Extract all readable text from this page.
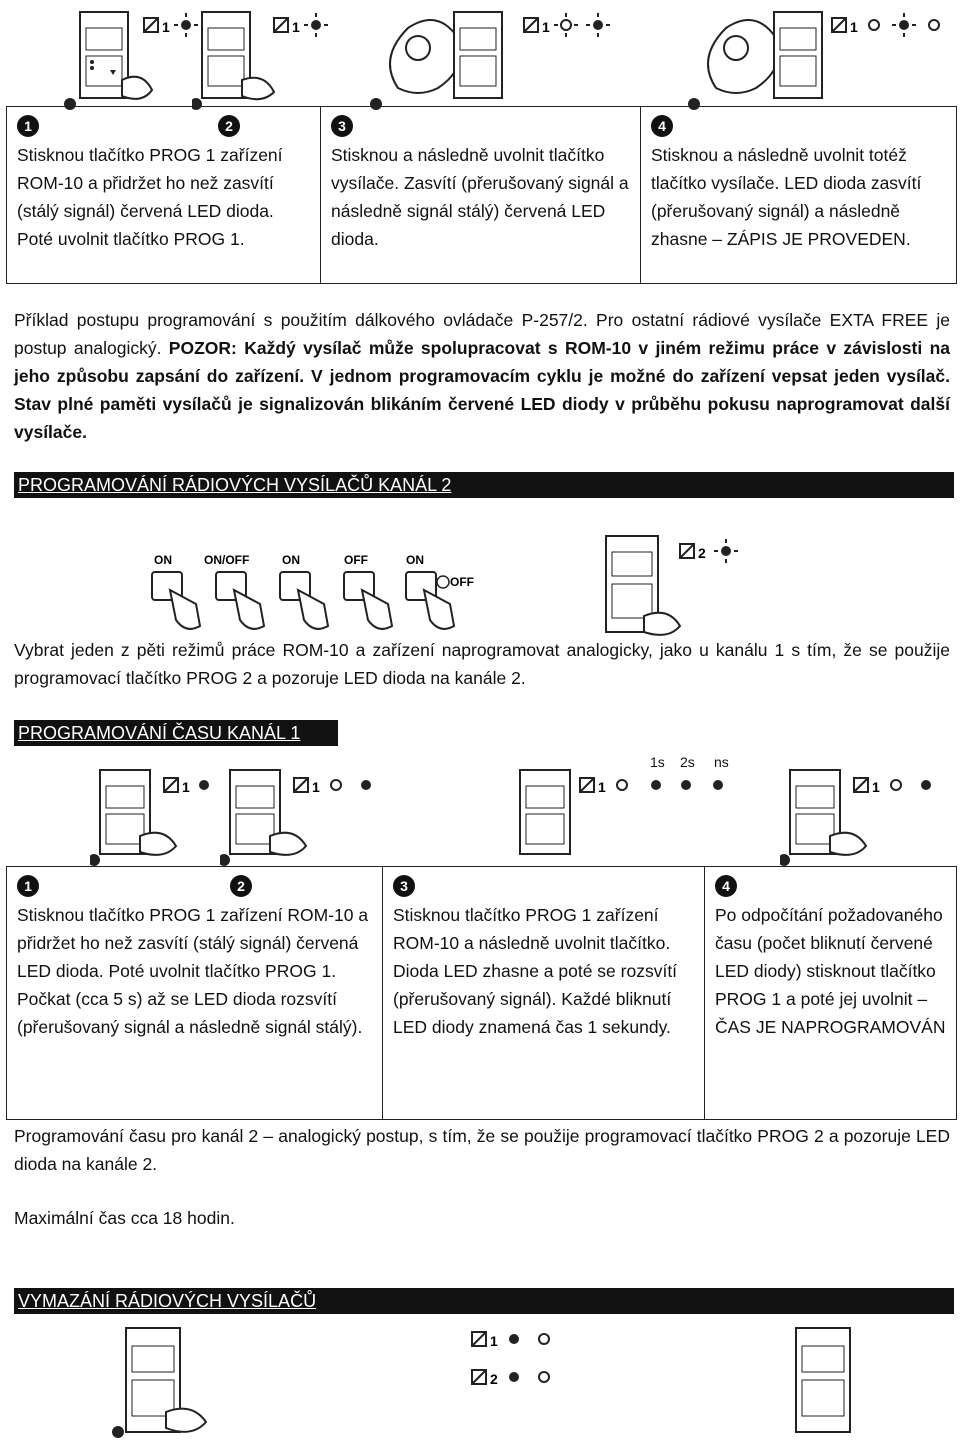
1	1	1	1
1	2
Stisknou tlačítko PROG 1 zařízení ROM-10 a přidržet ho než zasvítí (stálý signál) červená LED dioda. Poté uvolnit tlačítko PROG 1.

3
Stisknou a následně uvolnit tlačítko vysílače. Zasvítí (přerušovaný signál a následně signál stálý) červená LED dioda.

4
Stisknou a následně uvolnit totéž tlačítko vysílače. LED dioda zasvítí (přerušovaný signál) a následně zhasne – ZÁPIS JE PROVEDEN.
Příklad postupu programování s použitím dálkového ovládače P-257/2. Pro ostatní rádiové vysílače EXTA FREE je postup analogický. POZOR: Každý vysílač může spolupracovat s ROM-10 v jiném režimu práce v závislosti na jeho způsobu zapsání do zařízení. V jednom programovacím cyklu je možné do zařízení vepsat jeden vysílač. Stav plné paměti vysílačů je signalizován blikáním červené LED diody v průběhu pokusu naprogramovat další vysílače.
PROGRAMOVÁNÍ RÁDIOVÝCH VYSÍLAČŮ KANÁL 2
ON	ON/OFF	ON	OFF	ON
OFF
2
Vybrat jeden z pěti režimů práce ROM-10 a zařízení naprogramovat analogicky, jako u kanálu 1 s tím, že se použije programovací tlačítko PROG 2 a pozoruje LED dioda na kanále 2.
PROGRAMOVÁNÍ ČASU KANÁL 1
1	1
1s 2s ns
1	1
1	2
Stisknou tlačítko PROG 1 zařízení ROM-10 a přidržet ho než zasvítí (stálý signál) červená LED dioda. Poté uvolnit tlačítko PROG 1. Počkat (cca 5 s) až se LED dioda rozsvítí (přerušovaný signál a následně signál stálý).

3
Stisknou tlačítko PROG 1 zařízení ROM-10 a následně uvolnit tlačítko. Dioda LED zhasne a poté se rozsvítí (přerušovaný signál). Každé bliknutí LED diody znamená čas 1 sekundy.

4
Po odpočítání požadovaného času (počet bliknutí červené LED diody) stisknout tlačítko PROG 1 a poté jej uvolnit – ČAS JE NAPROGRAMOVÁN
Programování času pro kanál 2 – analogický postup, s tím, že se použije programovací tlačítko PROG 2 a pozoruje LED dioda na kanále 2.
Maximální čas cca 18 hodin.
VYMAZÁNÍ RÁDIOVÝCH VYSÍLAČŮ
1
2
